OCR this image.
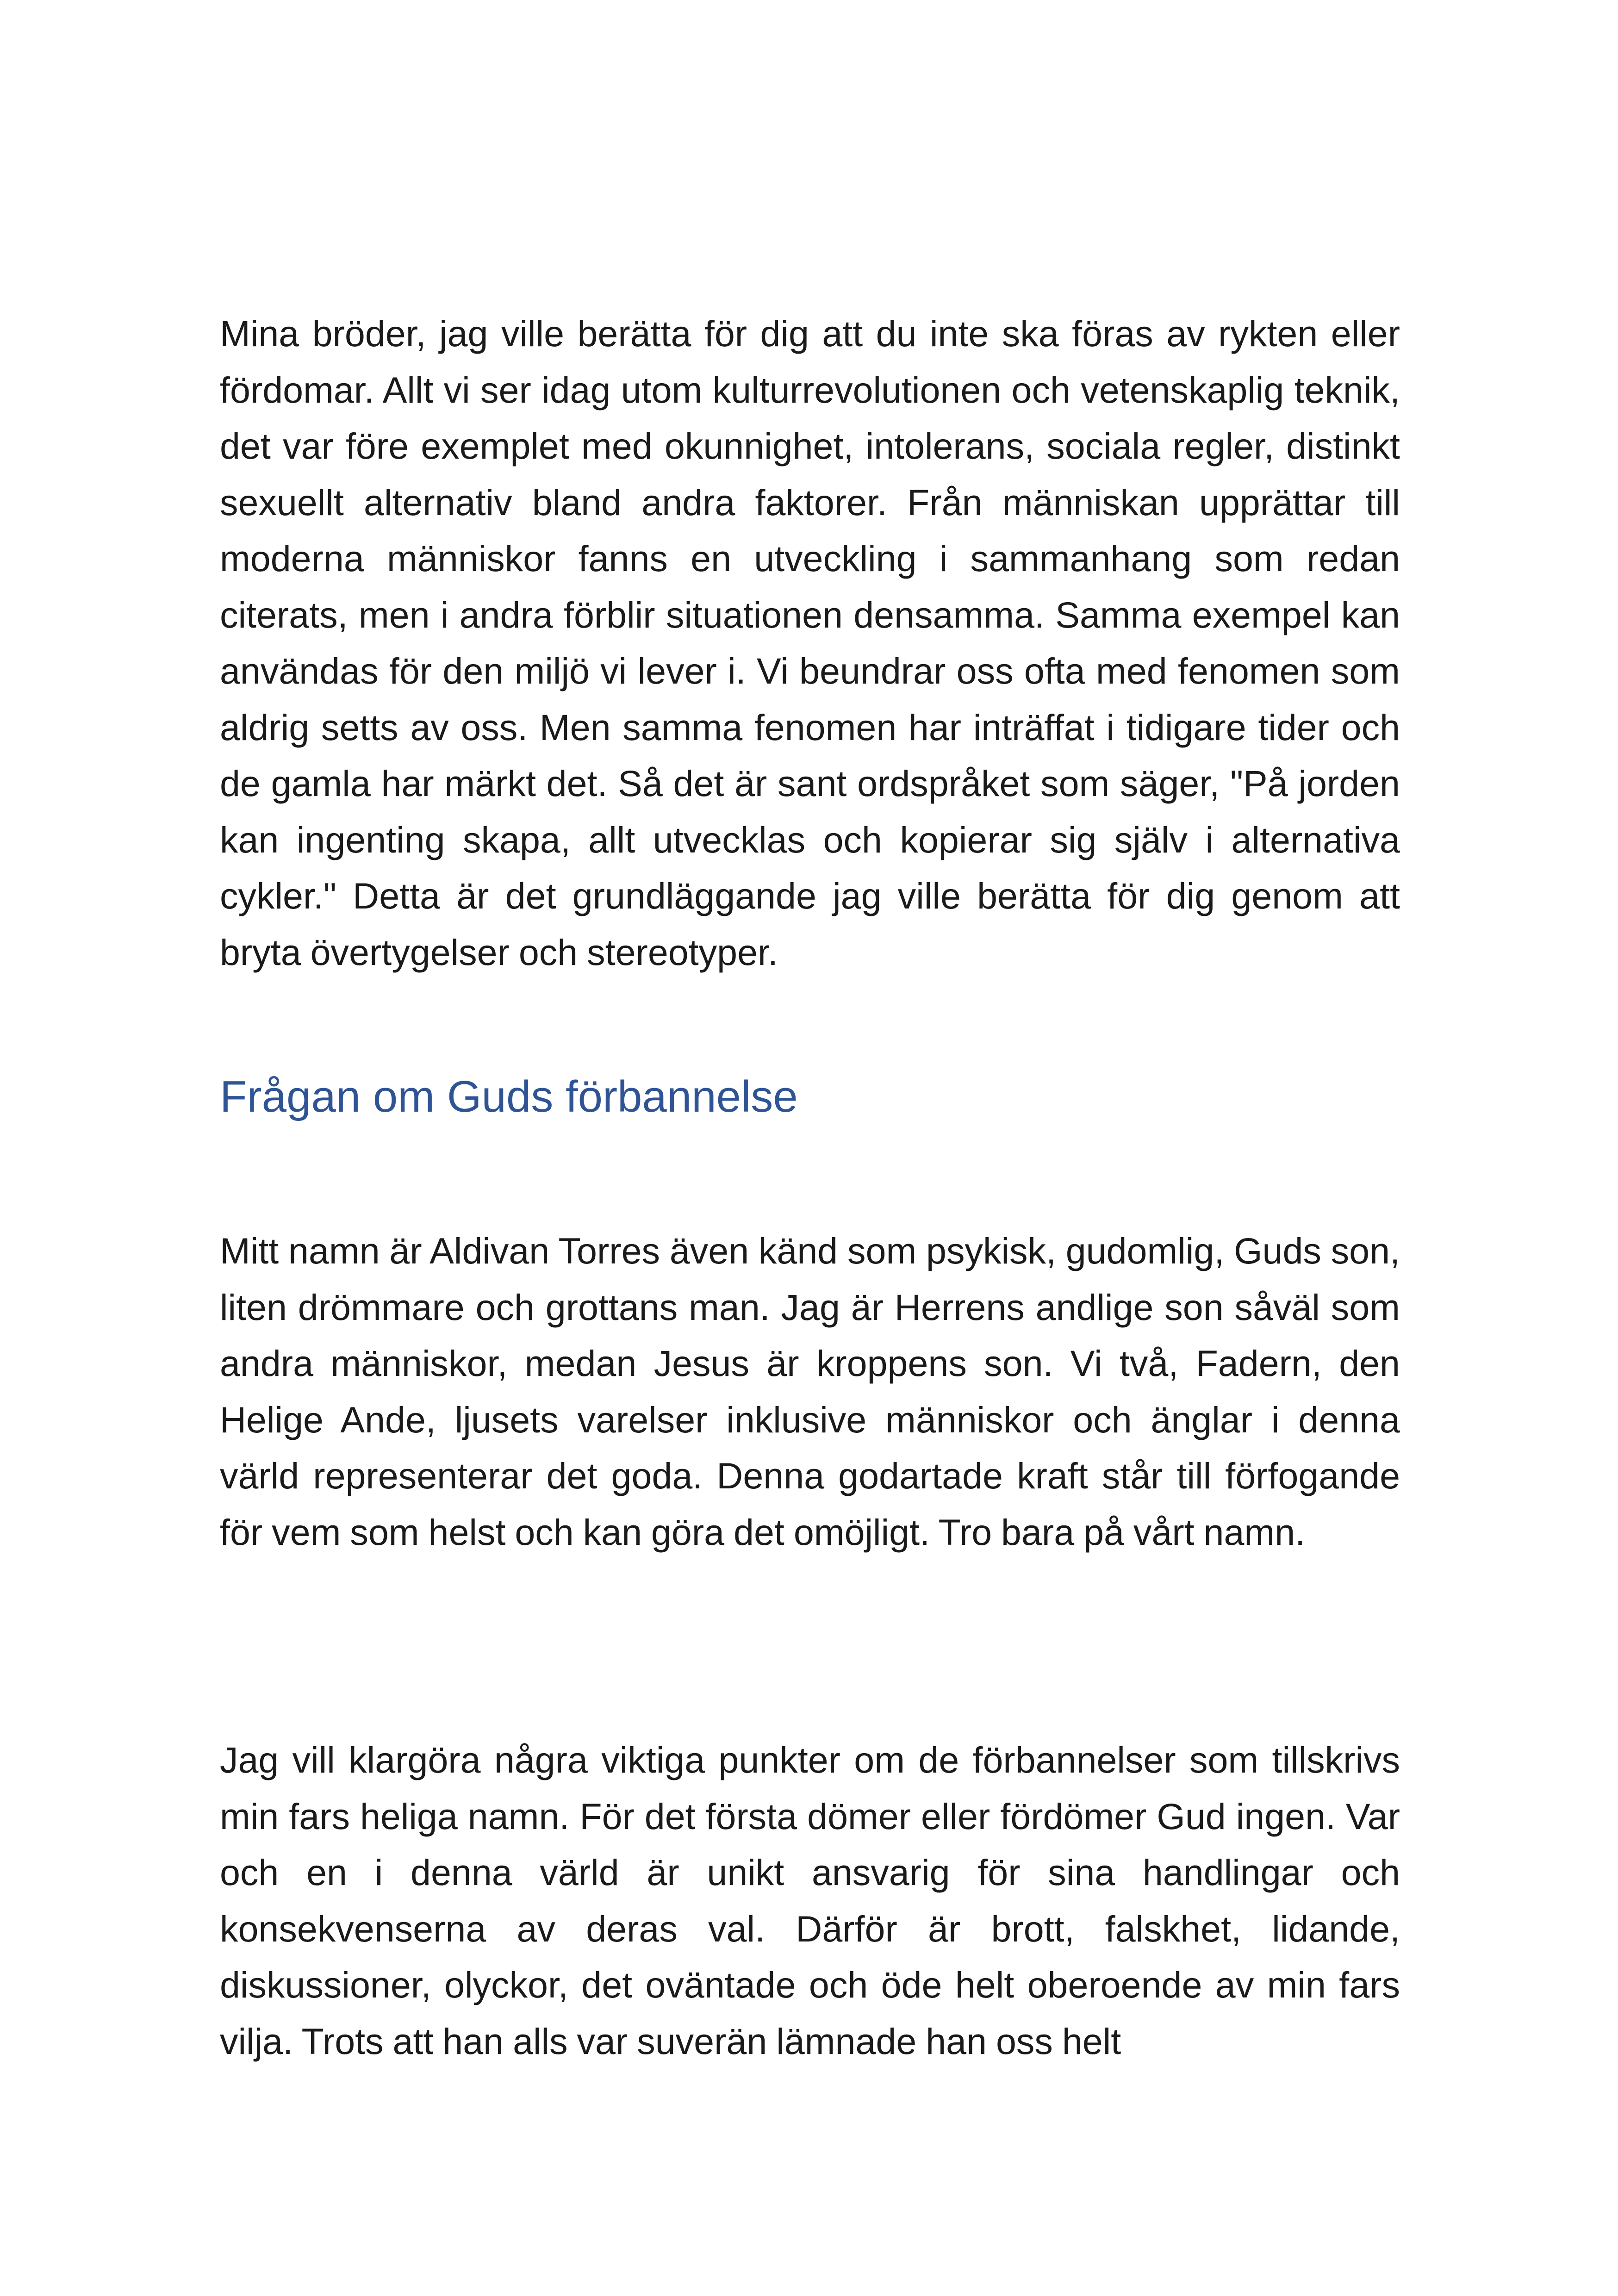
Mina bröder, jag ville berätta för dig att du inte ska föras av rykten eller fördomar. Allt vi ser idag utom kulturrevolutionen och vetenskaplig teknik, det var före exemplet med okunnighet, intolerans, sociala regler, distinkt sexuellt alternativ bland andra faktorer. Från människan upprättar till moderna människor fanns en utveckling i sammanhang som redan citerats, men i andra förblir situationen densamma. Samma exempel kan användas för den miljö vi lever i. Vi beundrar oss ofta med fenomen som aldrig setts av oss. Men samma fenomen har inträffat i tidigare tider och de gamla har märkt det. Så det är sant ordspråket som säger, "På jorden kan ingenting skapa, allt utvecklas och kopierar sig själv i alternativa cykler." Detta är det grundläggande jag ville berätta för dig genom att bryta övertygelser och stereotyper.

Frågan om Guds förbannelse

Mitt namn är Aldivan Torres även känd som psykisk, gudomlig, Guds son, liten drömmare och grottans man. Jag är Herrens andlige son såväl som andra människor, medan Jesus är kroppens son. Vi två, Fadern, den Helige Ande, ljusets varelser inklusive människor och änglar i denna värld representerar det goda. Denna godartade kraft står till förfogande för vem som helst och kan göra det omöjligt. Tro bara på vårt namn.

Jag vill klargöra några viktiga punkter om de förbannelser som tillskrivs min fars heliga namn. För det första dömer eller fördömer Gud ingen. Var och en i denna värld är unikt ansvarig för sina handlingar och konsekvenserna av deras val. Därför är brott, falskhet, lidande, diskussioner, olyckor, det oväntade och öde helt oberoende av min fars vilja. Trots att han alls var suverän lämnade han oss helt
